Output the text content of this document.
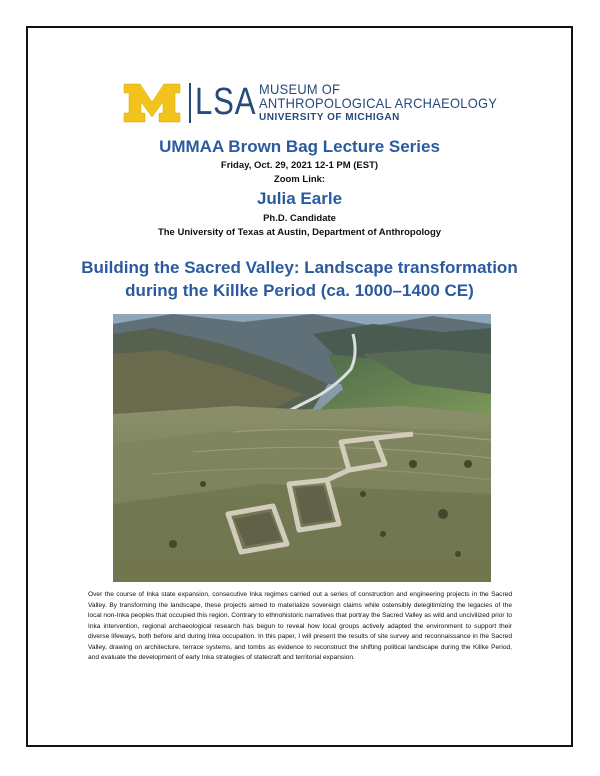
LSA MUSEUM OF
ANTHROPOLOGICAL ARCHAEOLOGY
UNIVERSITY OF MICHIGAN
UMMAA Brown Bag Lecture Series
Friday, Oct. 29, 2021 12-1 PM (EST)
Zoom Link:
Julia Earle
Ph.D. Candidate
The University of Texas at Austin, Department of Anthropology
Building the Sacred Valley: Landscape transformation
during the Killke Period (ca. 1000–1400 CE)
Over the course of Inka state expansion, consecutive Inka regimes carried out a series of construction and engineering projects in the Sacred Valley. By transforming the landscape, these projects aimed to materialize sovereign claims while ostensibly delegitimizing the legacies of the local non-Inka peoples that occupied this region. Contrary to ethnohistoric narratives that portray the Sacred Valley as wild and uncivilized prior to Inka intervention, regional archaeological research has begun to reveal how local groups actively adapted the environment to support their diverse lifeways, both before and during Inka occupation. In this paper, I will present the results of site survey and reconnaissance in the Sacred Valley, drawing on architecture, terrace systems, and tombs as evidence to reconstruct the shifting political landscape during the Killke Period, and evaluate the development of early Inka strategies of statecraft and territorial expansion.
